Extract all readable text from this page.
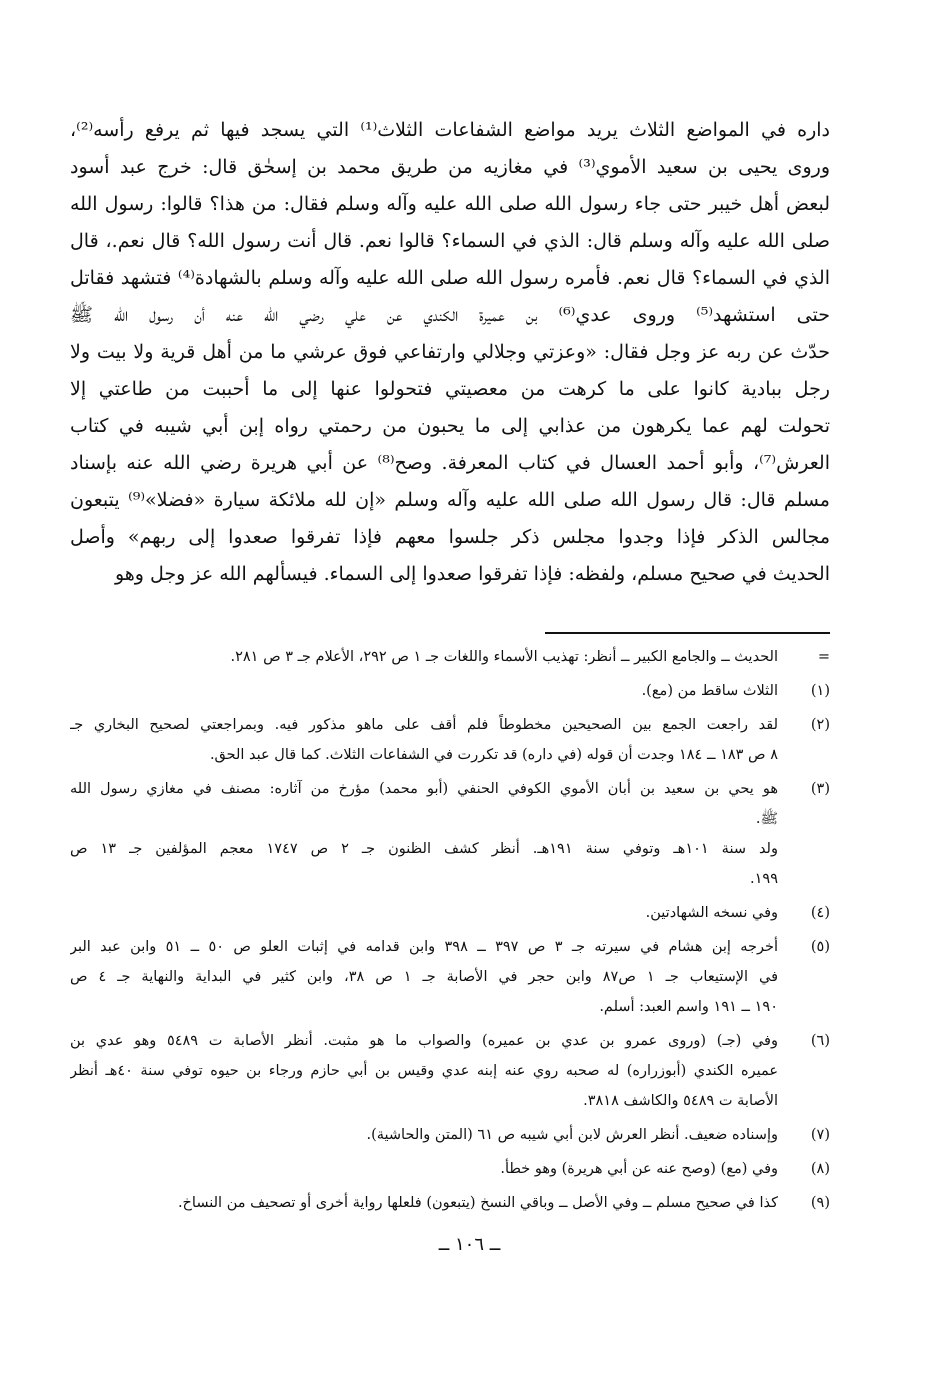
داره في المواضع الثلاث يريد مواضع الشفاعات الثلاث⁽¹⁾ التي يسجد فيها ثم يرفع رأسه⁽²⁾،
وروى يحيى بن سعيد الأموي⁽³⁾ في مغازيه من طريق محمد بن إسحٰق قال: خرج عبد أسود
لبعض أهل خيبر حتى جاء رسول الله صلى الله عليه وآله وسلم فقال: من هذا؟ قالوا: رسول الله
صلى الله عليه وآله وسلم قال: الذي في السماء؟ قالوا نعم. قال أنت رسول الله؟ قال نعم.، قال
الذي في السماء؟ قال نعم. فأمره رسول الله صلى الله عليه وآله وسلم بالشهادة⁽⁴⁾ فتشهد فقاتل
حتى استشهد⁽⁵⁾ وروى عدي⁽⁶⁾ بن عميرة الكندي عن علي رضي الله عنه أن رسول الله ﷺ
حدّث عن ربه عز وجل فقال: «وعزتي وجلالي وارتفاعي فوق عرشي ما من أهل قرية ولا بيت ولا
رجل ببادية كانوا على ما كرهت من معصيتي فتحولوا عنها إلى ما أحببت من طاعتي إلا
تحولت لهم عما يكرهون من عذابي إلى ما يحبون من رحمتي رواه إبن أبي شيبه في كتاب
العرش⁽⁷⁾، وأبو أحمد العسال في كتاب المعرفة. وصح⁽⁸⁾ عن أبي هريرة رضي الله عنه بإسناد
مسلم قال: قال رسول الله صلى الله عليه وآله وسلم «إن لله ملائكة سيارة «فضلا»⁽⁹⁾ يتبعون
مجالس الذكر فإذا وجدوا مجلس ذكر جلسوا معهم فإذا تفرقوا صعدوا إلى ربهم» وأصل
الحديث في صحيح مسلم، ولفظه: فإذا تفرقوا صعدوا إلى السماء. فيسألهم الله عز وجل وهو
=
الحديث ــ والجامع الكبير ــ أنظر: تهذيب الأسماء واللغات جـ ١ ص ٢٩٢، الأعلام جـ ٣ ص ٢٨١.
(١)
الثلاث ساقط من (مع).
(٢)
لقد راجعت الجمع بين الصحيحين مخطوطاً فلم أقف على ماهو مذكور فيه. وبمراجعتي لصحيح البخاري جـ
٨ ص ١٨٣ ــ ١٨٤ وجدت أن قوله (في داره) قد تكررت في الشفاعات الثلاث. كما قال عبد الحق.
(٣)
هو يحي بن سعيد بن أبان الأموي الكوفي الحنفي (أبو محمد) مؤرخ من آثاره: مصنف في مغازي رسول الله
ﷺ.
ولد سنة ١٠١هـ وتوفي سنة ١٩١هـ. أنظر كشف الظنون جـ ٢ ص ١٧٤٧ معجم المؤلفين جـ ١٣ ص
١٩٩.
(٤)
وفي نسخه الشهادتين.
(٥)
أخرجه إبن هشام في سيرته جـ ٣ ص ٣٩٧ ــ ٣٩٨ وابن قدامه في إثبات العلو ص ٥٠ ــ ٥١ وابن عبد البر
في الإستيعاب جـ ١ ص٨٧ وابن حجر في الأصابة جـ ١ ص ٣٨، وابن كثير في البداية والنهاية جـ ٤ ص
١٩٠ ــ ١٩١ واسم العبد: أسلم.
(٦)
وفي (جـ) (وروى عمرو بن عدي بن عميره) والصواب ما هو مثبت. أنظر الأصابة ت ٥٤٨٩ وهو عدي بن
عميره الكندي (أبوزراره) له صحبه روي عنه إبنه عدي وقيس بن أبي حازم ورجاء بن حيوه توفي سنة ٤٠هـ أنظر
الأصابة ت ٥٤٨٩ والكاشف ٣٨١٨.
(٧)
وإسناده ضعيف. أنظر العرش لابن أبي شيبه ص ٦١ (المتن والحاشية).
(٨)
وفي (مع) (وصح عنه عن أبي هريرة) وهو خطأ.
(٩)
كذا في صحيح مسلم ــ وفي الأصل ــ وباقي النسخ (يتبعون) فلعلها رواية أخرى أو تصحيف من النساخ.
ــ ١٠٦ ــ
